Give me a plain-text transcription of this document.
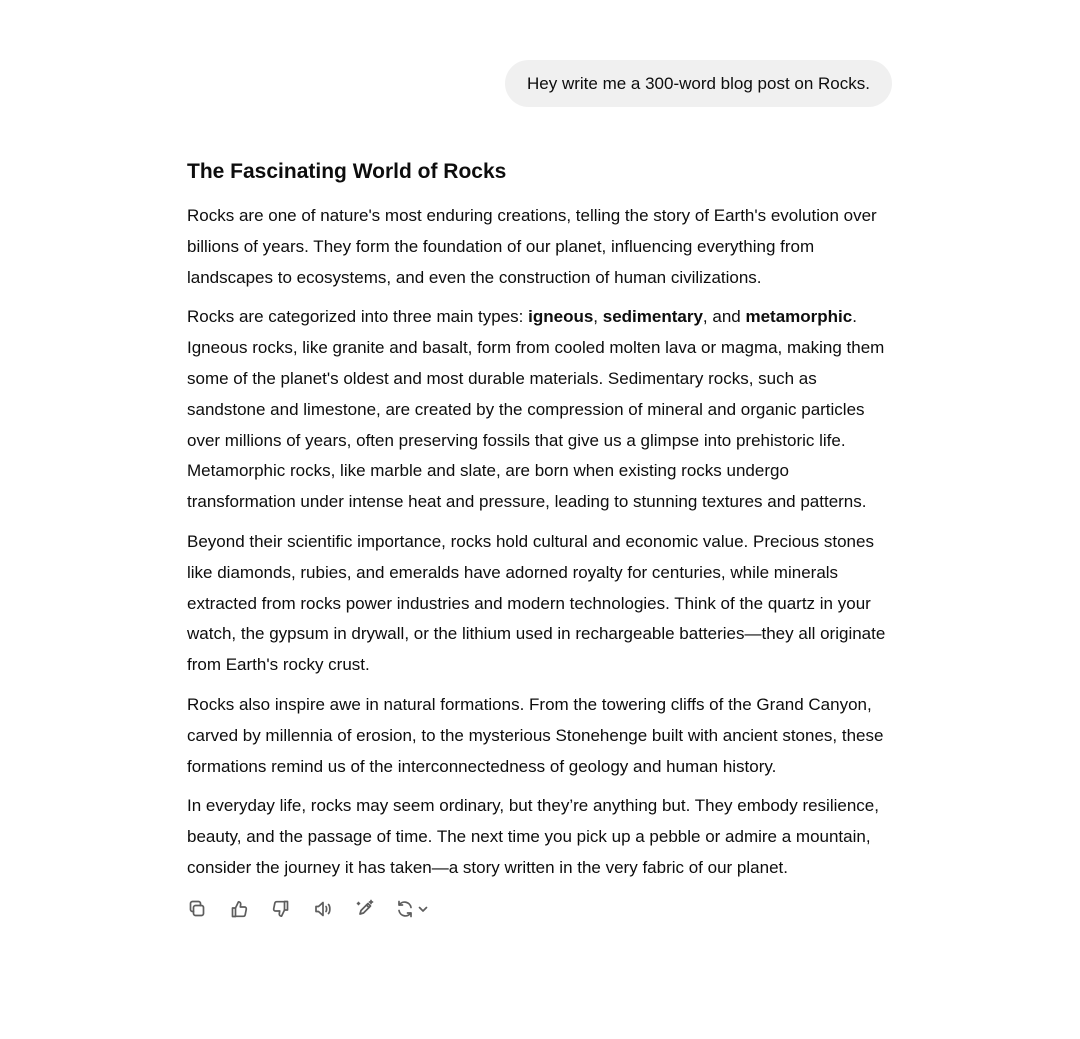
Hey write me a 300-word blog post on Rocks.
The Fascinating World of Rocks

Rocks are one of nature's most enduring creations, telling the story of Earth's evolution over billions of years. They form the foundation of our planet, influencing everything from landscapes to ecosystems, and even the construction of human civilizations.

Rocks are categorized into three main types: igneous, sedimentary, and metamorphic. Igneous rocks, like granite and basalt, form from cooled molten lava or magma, making them some of the planet's oldest and most durable materials. Sedimentary rocks, such as sandstone and limestone, are created by the compression of mineral and organic particles over millions of years, often preserving fossils that give us a glimpse into prehistoric life. Metamorphic rocks, like marble and slate, are born when existing rocks undergo transformation under intense heat and pressure, leading to stunning textures and patterns.

Beyond their scientific importance, rocks hold cultural and economic value. Precious stones like diamonds, rubies, and emeralds have adorned royalty for centuries, while minerals extracted from rocks power industries and modern technologies. Think of the quartz in your watch, the gypsum in drywall, or the lithium used in rechargeable batteries—they all originate from Earth's rocky crust.

Rocks also inspire awe in natural formations. From the towering cliffs of the Grand Canyon, carved by millennia of erosion, to the mysterious Stonehenge built with ancient stones, these formations remind us of the interconnectedness of geology and human history.

In everyday life, rocks may seem ordinary, but they’re anything but. They embody resilience, beauty, and the passage of time. The next time you pick up a pebble or admire a mountain, consider the journey it has taken—a story written in the very fabric of our planet.
